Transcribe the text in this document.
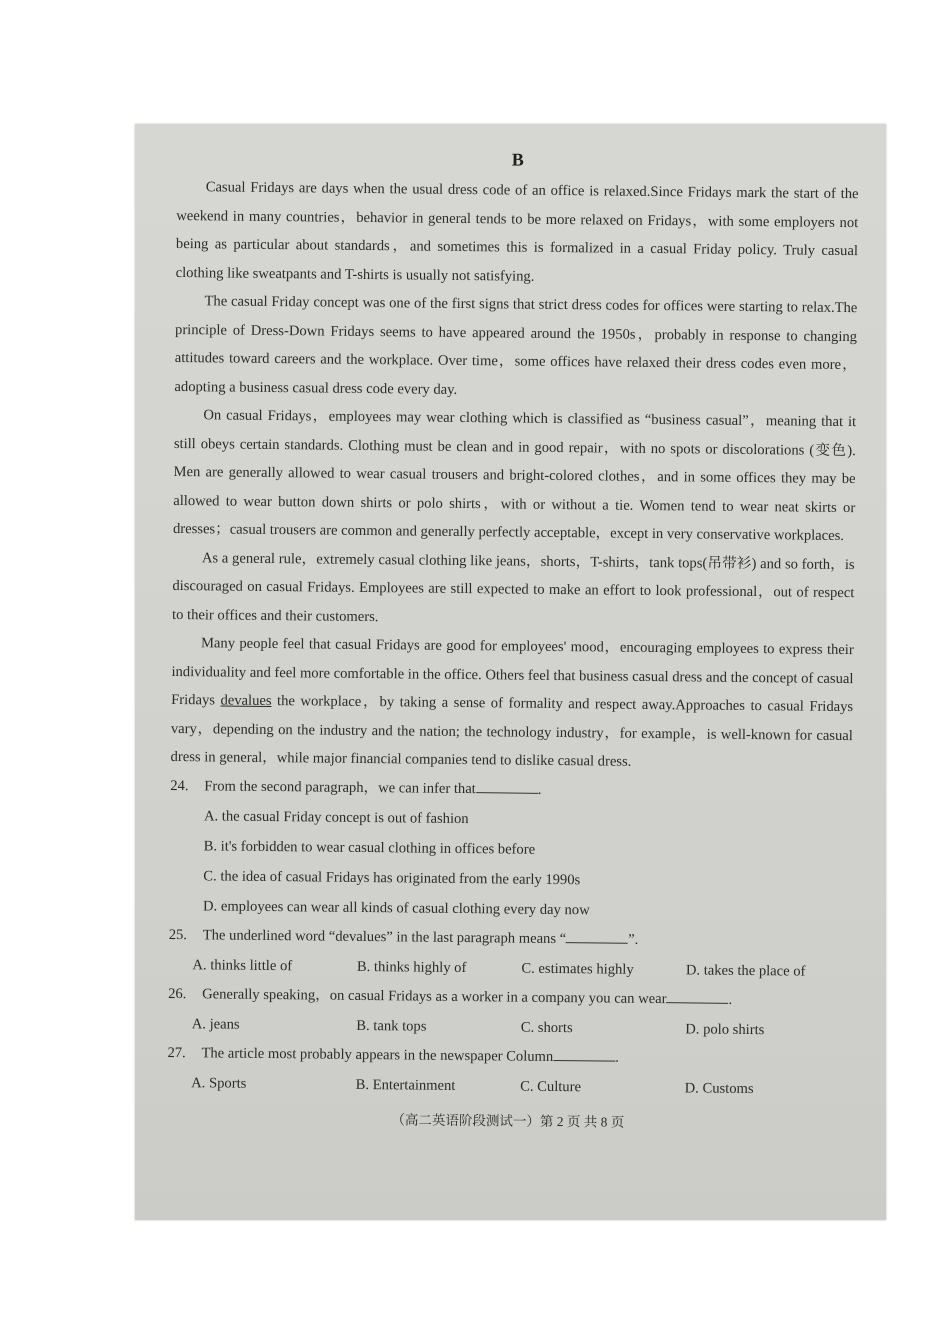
B

Casual Fridays are days when the usual dress code of an office is relaxed.Since Fridays mark the start of the weekend in many countries，behavior in general tends to be more relaxed on Fridays，with some employers not being as particular about standards，and sometimes this is formalized in a casual Friday policy. Truly casual clothing like sweatpants and T-shirts is usually not satisfying.

The casual Friday concept was one of the first signs that strict dress codes for offices were starting to relax.The principle of Dress-Down Fridays seems to have appeared around the 1950s，probably in response to changing attitudes toward careers and the workplace. Over time，some offices have relaxed their dress codes even more，adopting a business casual dress code every day.

On casual Fridays，employees may wear clothing which is classified as “business casual”，meaning that it still obeys certain standards. Clothing must be clean and in good repair，with no spots or discolorations (变色). Men are generally allowed to wear casual trousers and bright-colored clothes，and in some offices they may be allowed to wear button down shirts or polo shirts，with or without a tie. Women tend to wear neat skirts or dresses；casual trousers are common and generally perfectly acceptable，except in very conservative workplaces.

As a general rule，extremely casual clothing like jeans，shorts，T-shirts，tank tops(吊带衫) and so forth，is discouraged on casual Fridays. Employees are still expected to make an effort to look professional，out of respect to their offices and their customers.

Many people feel that casual Fridays are good for employees' mood，encouraging employees to express their individuality and feel more comfortable in the office. Others feel that business casual dress and the concept of casual Fridays devalues the workplace，by taking a sense of formality and respect away.Approaches to casual Fridays vary，depending on the industry and the nation; the technology industry，for example，is well-known for casual dress in general，while major financial companies tend to dislike casual dress.

24. From the second paragraph，we can infer that	.

A. the casual Friday concept is out of fashion

B. it's forbidden to wear casual clothing in offices before

C. the idea of casual Fridays has originated from the early 1990s

D. employees can wear all kinds of casual clothing every day now

25. The underlined word “devalues” in the last paragraph means “	”.

A. thinks little of	B. thinks highly of	C. estimates highly	D. takes the place of

26. Generally speaking，on casual Fridays as a worker in a company you can wear	.

A. jeans	B. tank tops	C. shorts	D. polo shirts

27. The article most probably appears in the newspaper Column	.

A. Sports	B. Entertainment	C. Culture	D. Customs
（高二英语阶段测试一）第 2 页 共 8 页
